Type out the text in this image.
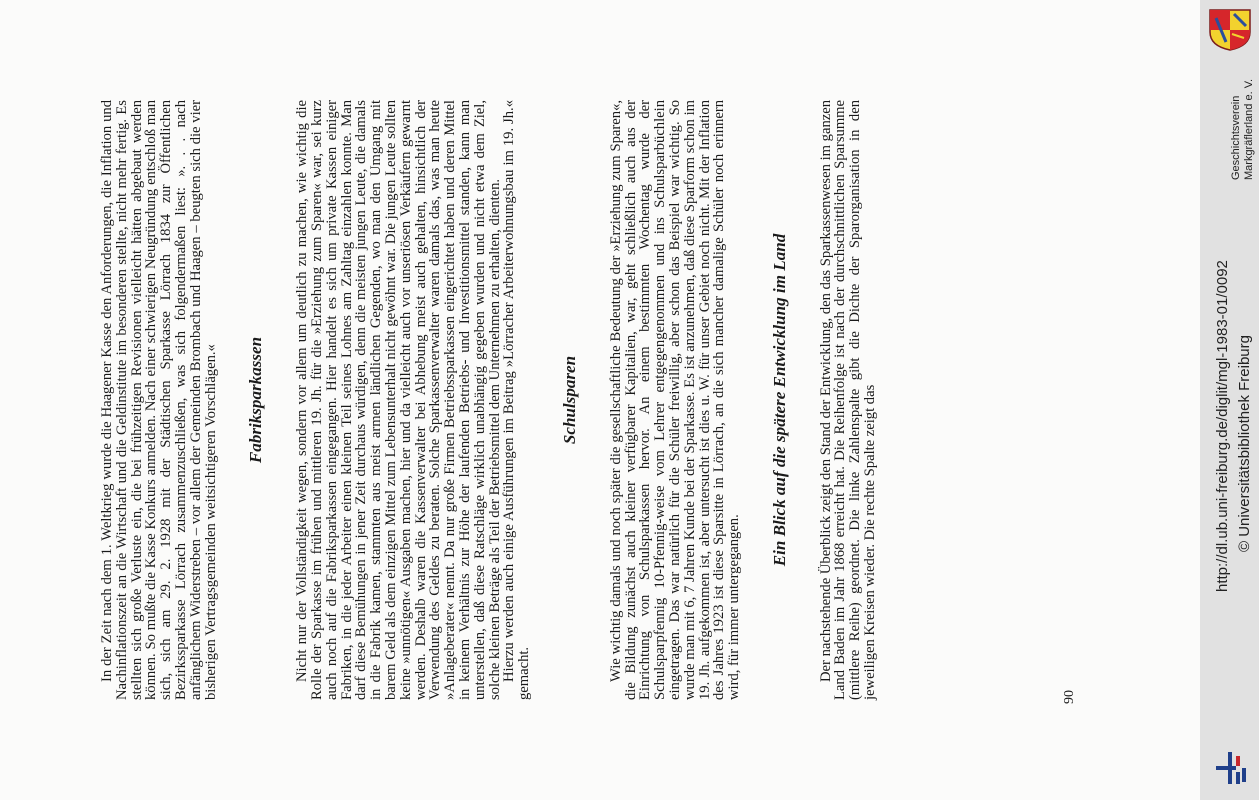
In der Zeit nach dem 1. Weltkrieg wurde die Haagener Kasse den Anforderungen, die Inflation und Nachinflationszeit an die Wirtschaft und die Geldinstitute im besonderen stellte, nicht mehr fertig. Es stellten sich große Verluste ein, die bei frühzeitigen Revisionen vielleicht hätten abgebaut werden können. So mußte die Kasse Konkurs anmelden. Nach einer schwierigen Neugründung entschloß man sich, sich am 29. 2. 1928 mit der Städtischen Sparkasse Lörrach 1834 zur Öffentlichen Bezirkssparkasse Lörrach zusammenzuschließen, was sich folgendermaßen liest: ». . . nach anfänglichem Widerstreben – vor allem der Gemeinden Brombach und Haagen – beugten sich die vier bisherigen Vertragsgemeinden weitsichtigeren Vorschlägen.« Fabriksparkassen Nicht nur der Vollständigkeit wegen, sondern vor allem um deutlich zu machen, wie wichtig die Rolle der Sparkasse im frühen und mittleren 19. Jh. für die »Erziehung zum Sparen« war, sei kurz auch noch auf die Fabriksparkassen eingegangen. Hier handelt es sich um private Kassen einiger Fabriken, in die jeder Arbeiter einen kleinen Teil seines Lohnes am Zahltag einzahlen konnte. Man darf diese Bemühungen in jener Zeit durchaus würdigen, denn die meisten jungen Leute, die damals in die Fabrik kamen, stammten aus meist armen ländlichen Gegenden, wo man den Umgang mit barem Geld als dem einzigen Mittel zum Lebensunterhalt nicht gewöhnt war. Die jungen Leute sollten keine »unnötigen« Ausgaben machen, hier und da vielleicht auch vor unseriösen Verkäufern gewarnt werden. Deshalb waren die Kassenverwalter bei Abhebung meist auch gehalten, hinsichtlich der Verwendung des Geldes zu beraten. Solche Sparkassenverwalter waren damals das, was man heute »Anlageberater« nennt. Da nur große Firmen Betriebssparkassen eingerichtet haben und deren Mittel in keinem Verhältnis zur Höhe der laufenden Betriebs- und Investitionsmittel standen, kann man unterstellen, daß diese Ratschläge wirklich unabhängig gegeben wurden und nicht etwa dem Ziel, solche kleinen Beträge als Teil der Betriebsmittel dem Unternehmen zu erhalten, dienten.

Hierzu werden auch einige Ausführungen im Beitrag »Lörracher Arbeiterwohnungsbau im 19. Jh.« gemacht.

Schulsparen Wie wichtig damals und noch später die gesellschaftliche Bedeutung der »Erziehung zum Sparen«, die Bildung zunächst auch kleiner verfügbarer Kapitalien, war, geht schließlich auch aus der Einrichtung von Schulsparkassen hervor. An einem bestimmten Wochentag wurde der Schulsparpfennig 10-Pfennig-weise vom Lehrer entgegengenommen und ins Schulsparbüchlein eingetragen. Das war natürlich für die Schüler freiwillig, aber schon das Beispiel war wichtig. So wurde man mit 6, 7 Jahren Kunde bei der Sparkasse. Es ist anzunehmen, daß diese Sparform schon im 19. Jh. aufgekommen ist, aber untersucht ist dies u. W. für unser Gebiet noch nicht. Mit der Inflation des Jahres 1923 ist diese Sparsitte in Lörrach, an die sich mancher damalige Schüler noch erinnern wird, für immer untergegangen.

Ein Blick auf die spätere Entwicklung im Land Der nachstehende Überblick zeigt den Stand der Entwicklung, den das Sparkassenwesen im ganzen Land Baden im Jahr 1868 erreicht hat. Die Reihenfolge ist nach der durchschnittlichen Sparsumme (mittlere Reihe) geordnet. Die linke Zahlenspalte gibt die Dichte der Sparorganisation in den jeweiligen Kreisen wieder. Die rechte Spalte zeigt das	90
Geschichtsverein Markgräflerland e. V.
http://dl.ub.uni-freiburg.de/diglit/mgl-1983-01/0092 © Universitätsbibliothek Freiburg
